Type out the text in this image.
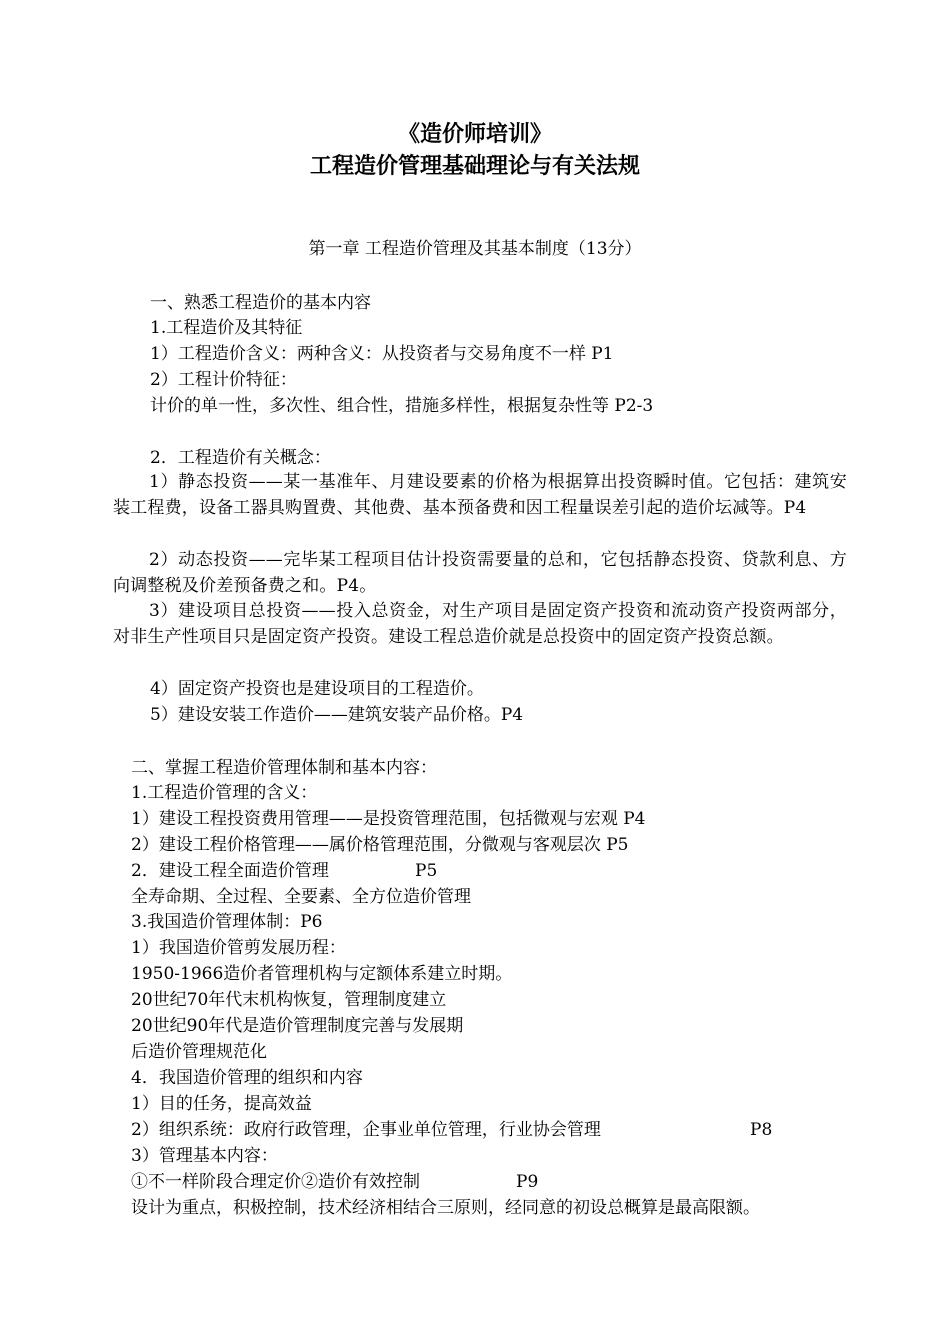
《造价师培训》
工程造价管理基础理论与有关法规
第一章 工程造价管理及其基本制度（13分）
一、熟悉工程造价的基本内容
1.工程造价及其特征
1）工程造价含义：两种含义：从投资者与交易角度不一样 P1
2）工程计价特征：
计价的单一性，多次性、组合性，措施多样性，根据复杂性等 P2-3
2．工程造价有关概念：
1）静态投资——某一基准年、月建设要素的价格为根据算出投资瞬时值。它包括：建筑安装工程费，设备工器具购置费、其他费、基本预备费和因工程量误差引起的造价坛减等。P4
2）动态投资——完毕某工程项目估计投资需要量的总和，它包括静态投资、贷款利息、方向调整税及价差预备费之和。P4。
3）建设项目总投资——投入总资金，对生产项目是固定资产投资和流动资产投资两部分，对非生产性项目只是固定资产投资。建设工程总造价就是总投资中的固定资产投资总额。
4）固定资产投资也是建设项目的工程造价。
5）建设安装工作造价——建筑安装产品价格。P4
二、掌握工程造价管理体制和基本内容：
1.工程造价管理的含义：
1）建设工程投资费用管理——是投资管理范围，包括微观与宏观 P4
2）建设工程价格管理——属价格管理范围，分微观与客观层次 P5
2．建设工程全面造价管理	P5
全寿命期、全过程、全要素、全方位造价管理
3.我国造价管理体制：P6
1）我国造价管剪发展历程：
1950-1966造价者管理机构与定额体系建立时期。
20世纪70年代末机构恢复，管理制度建立
20世纪90年代是造价管理制度完善与发展期
后造价管理规范化
4．我国造价管理的组织和内容
1）目的任务，提高效益
2）组织系统：政府行政管理，企事业单位管理，行业协会管理	P8
3）管理基本内容：
①不一样阶段合理定价②造价有效控制	P9
设计为重点，积极控制，技术经济相结合三原则，经同意的初设总概算是最高限额。
